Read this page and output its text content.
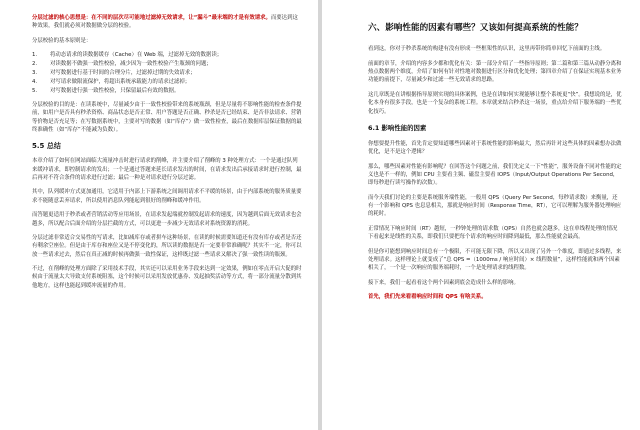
分层过滤的核心思想是：在不同的层次尽可能地过滤掉无效请求，让“漏斗”最末端的才是有效请求。而要达到这种效果，我们就必须对数据做分层的校验。

分层校验的基本原则是：

1.	将动态请求的读数据缓存（Cache）在 Web 端，过滤掉无效的数据读；
2.	对读数据不做强一致性校验，减少因为一致性校验产生瓶颈的问题；
3.	对写数据进行基于时间的合理分片，过滤掉过期的失效请求；
4.	对写请求做限流保护，将超出系统承载能力的请求过滤掉；
5.	对写数据进行强一致性校验，只保留最后有效的数据。

分层校验的目的是：在读系统中，尽量减少由于一致性校验带来的系统瓶颈，但是尽量将不影响性能的检查条件提前，如用户是否具有秒杀资格、商品状态是否正常、用户答题是否正确、秒杀是否已经结束、是否非法请求、营销等价物是否充足等；在写数据系统中，主要对写的数据（如“库存”）做一致性检查，最后在数据库层保证数据的最终准确性（如“库存”不能减为负数）。

5.5 总结

本章介绍了如何在网站面临大流量冲击时进行请求的削峰，并主要介绍了削峰的 3 种处理方式：一个是通过队列来缓冲请求，即控制请求的发出；一个是通过答题来延长请求发出的时间，在请求发出后承接请求时进行控制，最后再对不符合条件的请求进行过滤；最后一种是对请求进行分层过滤。

其中，队列缓冲方式更加通用，它适用于内部上下游系统之间调用请求不平缓的场景，由于内部系统的服务质量要求不能随意丢弃请求，所以使用消息队列能起到很好的削峰和缓冲作用。

而答题更适用于秒杀或者营销活动等应用场景，在请求发起端就控制发起请求的速度，因为越到后面无效请求也会越多，所以配合后面介绍的分层拦截的方式，可以更进一步减少无效请求对系统资源的消耗。

分层过滤非常适合交易性的写请求，比如减库存或者拼车这种场景，在读的时候需要知道还有没有库存或者是否还有剩余空座位。但是由于库存和座位又是不停变化的，所以读的数据是否一定要非常准确呢？其实不一定，你可以放一些请求过去，然后在真正减的时候再做强一致性保证，这样既过滤一些请求又解决了强一致性读的瓶颈。

不过，在削峰的处理方面除了采用技术手段，其实还可以采用业务手段来达到一定效果，例如在零点开启大促的时候由于流量太大导致支付系统阻塞，这个时候可以采用发放优惠券、发起抽奖活动等方式，将一部分流量分散到其他地方，这样也能起到缓冲流量的作用。

六、影响性能的因素有哪些？又该如何提高系统的性能？

看到这，你对于秒杀系统的构建有没有形成一些框架性的认识，这里再带你简单回忆下前面的主线。

前面的章节，介绍的内容多少都和优化有关：第一部分介绍了一些指导原则；第二篇和第三篇从动静分离和热点数据两个维度，介绍了如何有针对性地对数据进行区分和优化处理；第四章介绍了在保证实现基本业务功能的前提下，尽量减少和过滤一些无效请求的思路。

这几章既是在讲根据指导原则实现的具体案例，也是在讲如何实现能够让整个系统更“快”。我想说的是，优化本身有很多手段，也是一个复杂的系统工程。本章就来结合秒杀这一场景，重点给介绍下服务端的一些优化技巧。

6.1 影响性能的因素

你想要提升性能，首先肯定要知道哪些因素对于系统性能的影响最大，然后再针对这些具体的因素想办法做优化，是不是这个逻辑？

那么，哪些因素对性能有影响呢？在回答这个问题之前，我们先定义一下“性能”，服务设备不同对性能的定义也是不一样的，例如 CPU 主要看主频、磁盘主要看 IOPS（Input/Output Operations Per Second，即每秒进行读写操作的次数）。

而今天我们讨论的主要是系统服务端性能，一般用 QPS（Query Per Second，每秒请求数）来衡量，还有一个影响和 QPS 也息息相关，那就是响应时间（Response Time，RT），它可以理解为服务器处理响应的耗时。

正常情况下响应时间（RT）越短，一秒钟处理的请求数（QPS）自然也就会越多，这在单线程处理的情况下看起来是线性的关系，即我们只要把每个请求的响应时间降到最低，那么性能就会最高。

但是你可能想到响应时间总有一个极限，不可能无限下降，所以又出现了另外一个维度，即通过多线程，来处理请求。这样理论上就变成了“总 QPS =（1000ms / 响应时间）× 线程数量”，这样性能就和两个因素相关了，一个是一次响应的服务端耗时，一个是处理请求的线程数。

接下来，我们一起看看这个两个因素到底会造成什么样的影响。

首先，我们先来看看响应时间和 QPS 有啥关系。
